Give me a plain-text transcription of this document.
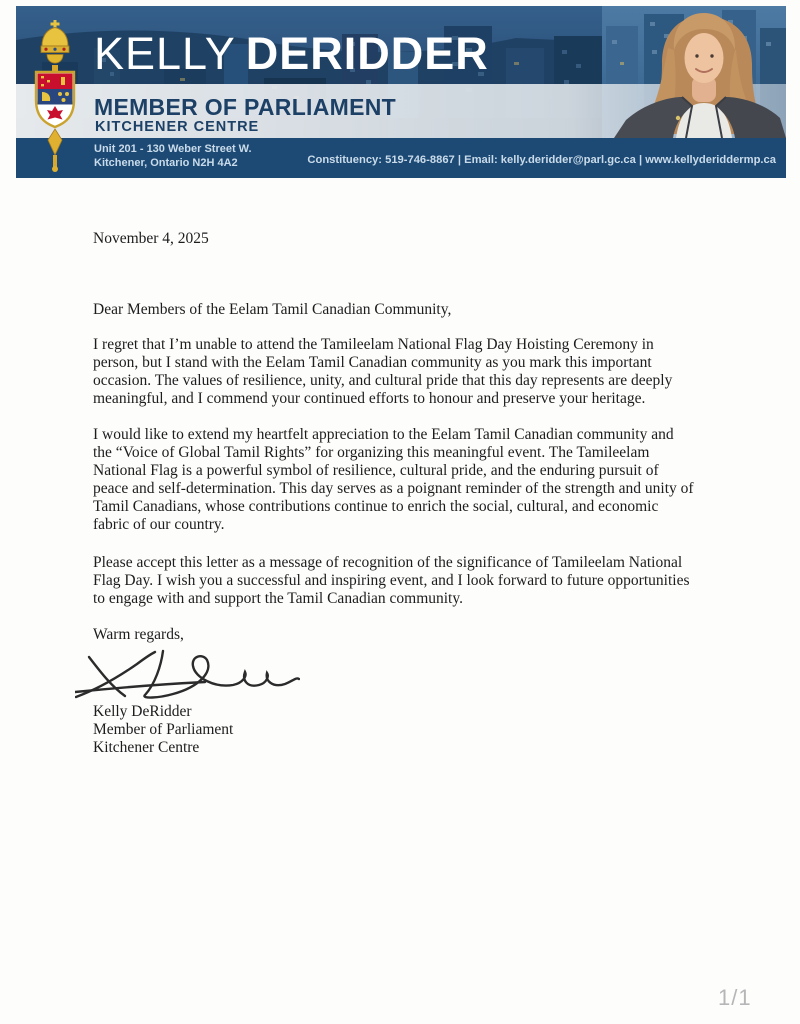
KELLY DERIDDER
MEMBER OF PARLIAMENT
KITCHENER CENTRE
Unit 201 - 130 Weber Street W.
Kitchener, Ontario N2H 4A2	Constituency: 519-746-8867 | Email: kelly.deridder@parl.gc.ca | www.kellyderiddermp.ca
November 4, 2025
Dear Members of the Eelam Tamil Canadian Community,

I regret that I’m unable to attend the Tamileelam National Flag Day Hoisting Ceremony in person, but I stand with the Eelam Tamil Canadian community as you mark this important occasion. The values of resilience, unity, and cultural pride that this day represents are deeply meaningful, and I commend your continued efforts to honour and preserve your heritage.

I would like to extend my heartfelt appreciation to the Eelam Tamil Canadian community and the “Voice of Global Tamil Rights” for organizing this meaningful event. The Tamileelam National Flag is a powerful symbol of resilience, cultural pride, and the enduring pursuit of peace and self-determination. This day serves as a poignant reminder of the strength and unity of Tamil Canadians, whose contributions continue to enrich the social, cultural, and economic fabric of our country.

Please accept this letter as a message of recognition of the significance of Tamileelam National Flag Day. I wish you a successful and inspiring event, and I look forward to future opportunities to engage with and support the Tamil Canadian community.

Warm regards,
Kelly DeRidder
Member of Parliament
Kitchener Centre
1/1
